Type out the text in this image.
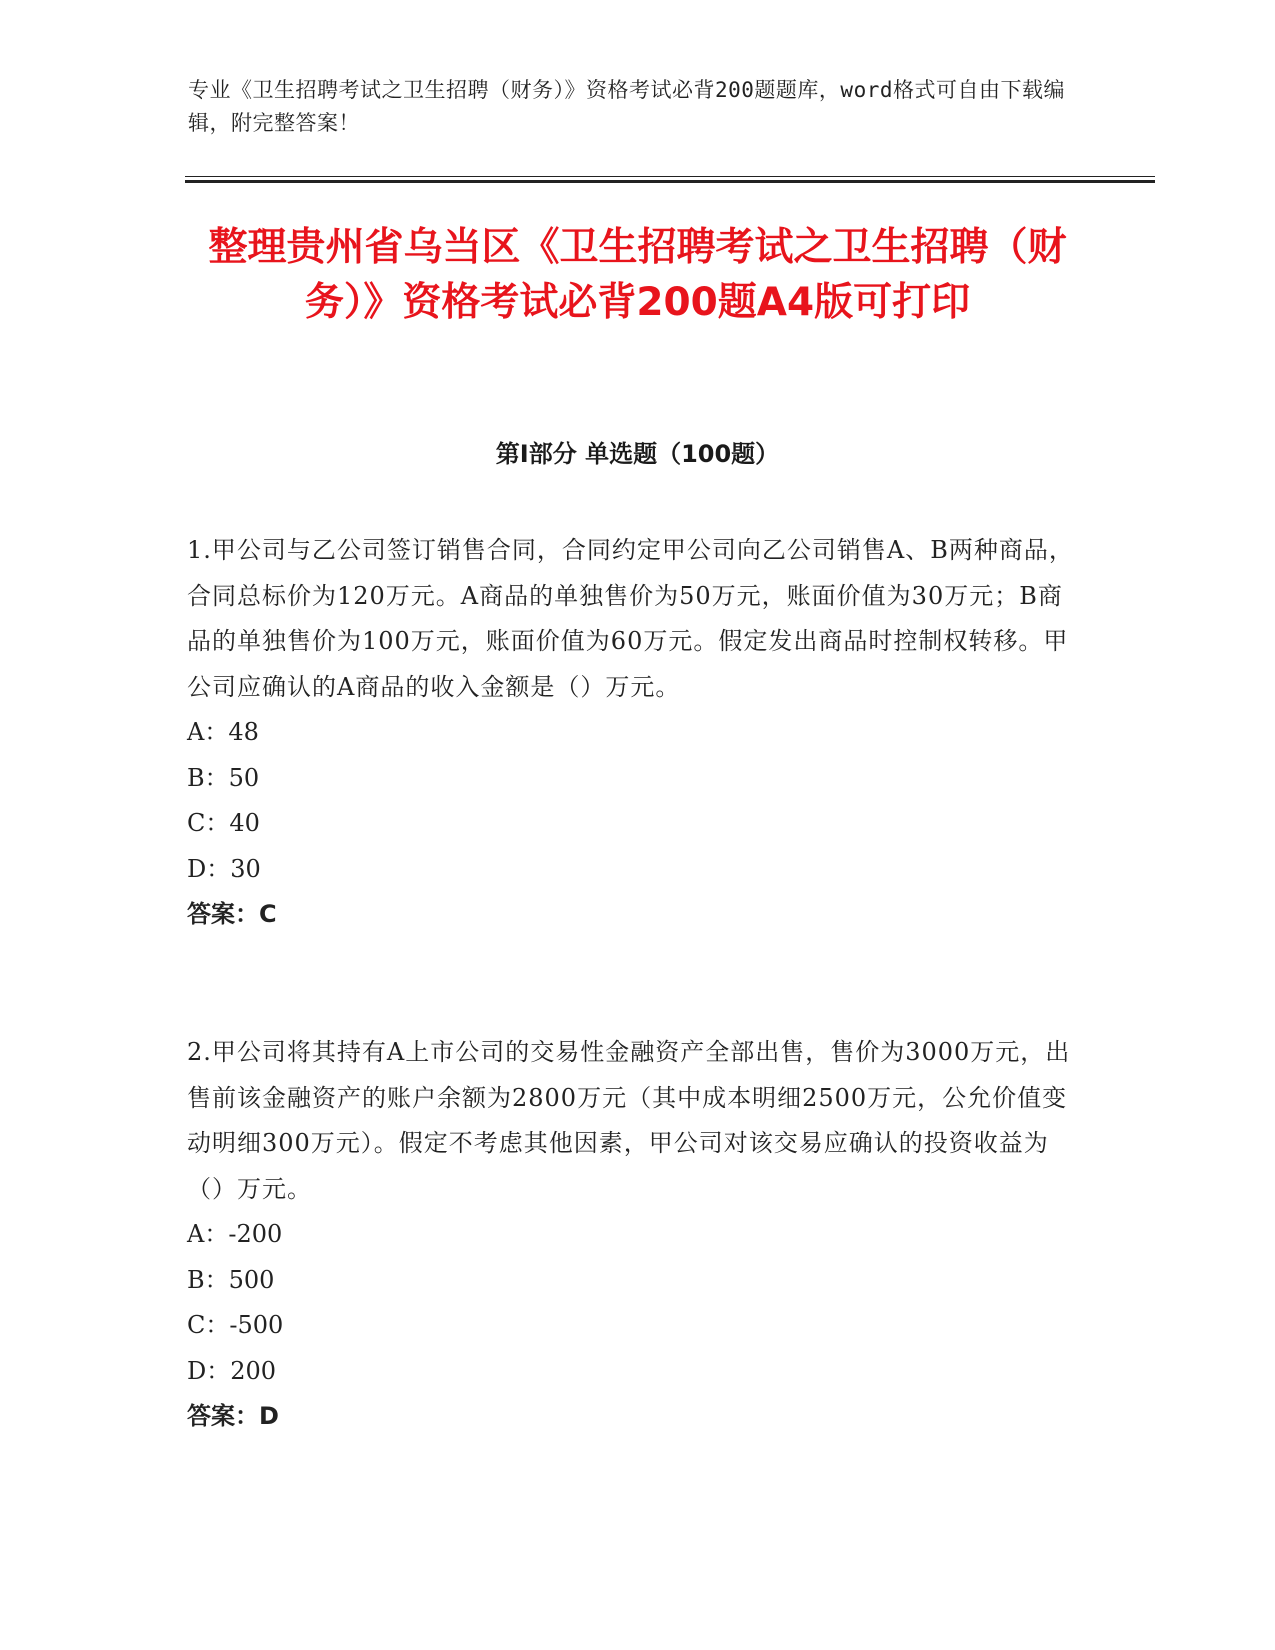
专业《卫生招聘考试之卫生招聘（财务）》资格考试必背200题题库，word格式可自由下载编辑，附完整答案！
整理贵州省乌当区《卫生招聘考试之卫生招聘（财务）》资格考试必背200题A4版可打印
第I部分 单选题（100题）

1.甲公司与乙公司签订销售合同，合同约定甲公司向乙公司销售A、B两种商品，合同总标价为120万元。A商品的单独售价为50万元，账面价值为30万元；B商品的单独售价为100万元，账面价值为60万元。假定发出商品时控制权转移。甲公司应确认的A商品的收入金额是（）万元。

A：48

B：50

C：40

D：30

答案：C

2.甲公司将其持有A上市公司的交易性金融资产全部出售，售价为3000万元，出售前该金融资产的账户余额为2800万元（其中成本明细2500万元，公允价值变动明细300万元）。假定不考虑其他因素，甲公司对该交易应确认的投资收益为（）万元。

A：-200

B：500

C：-500

D：200

答案：D
